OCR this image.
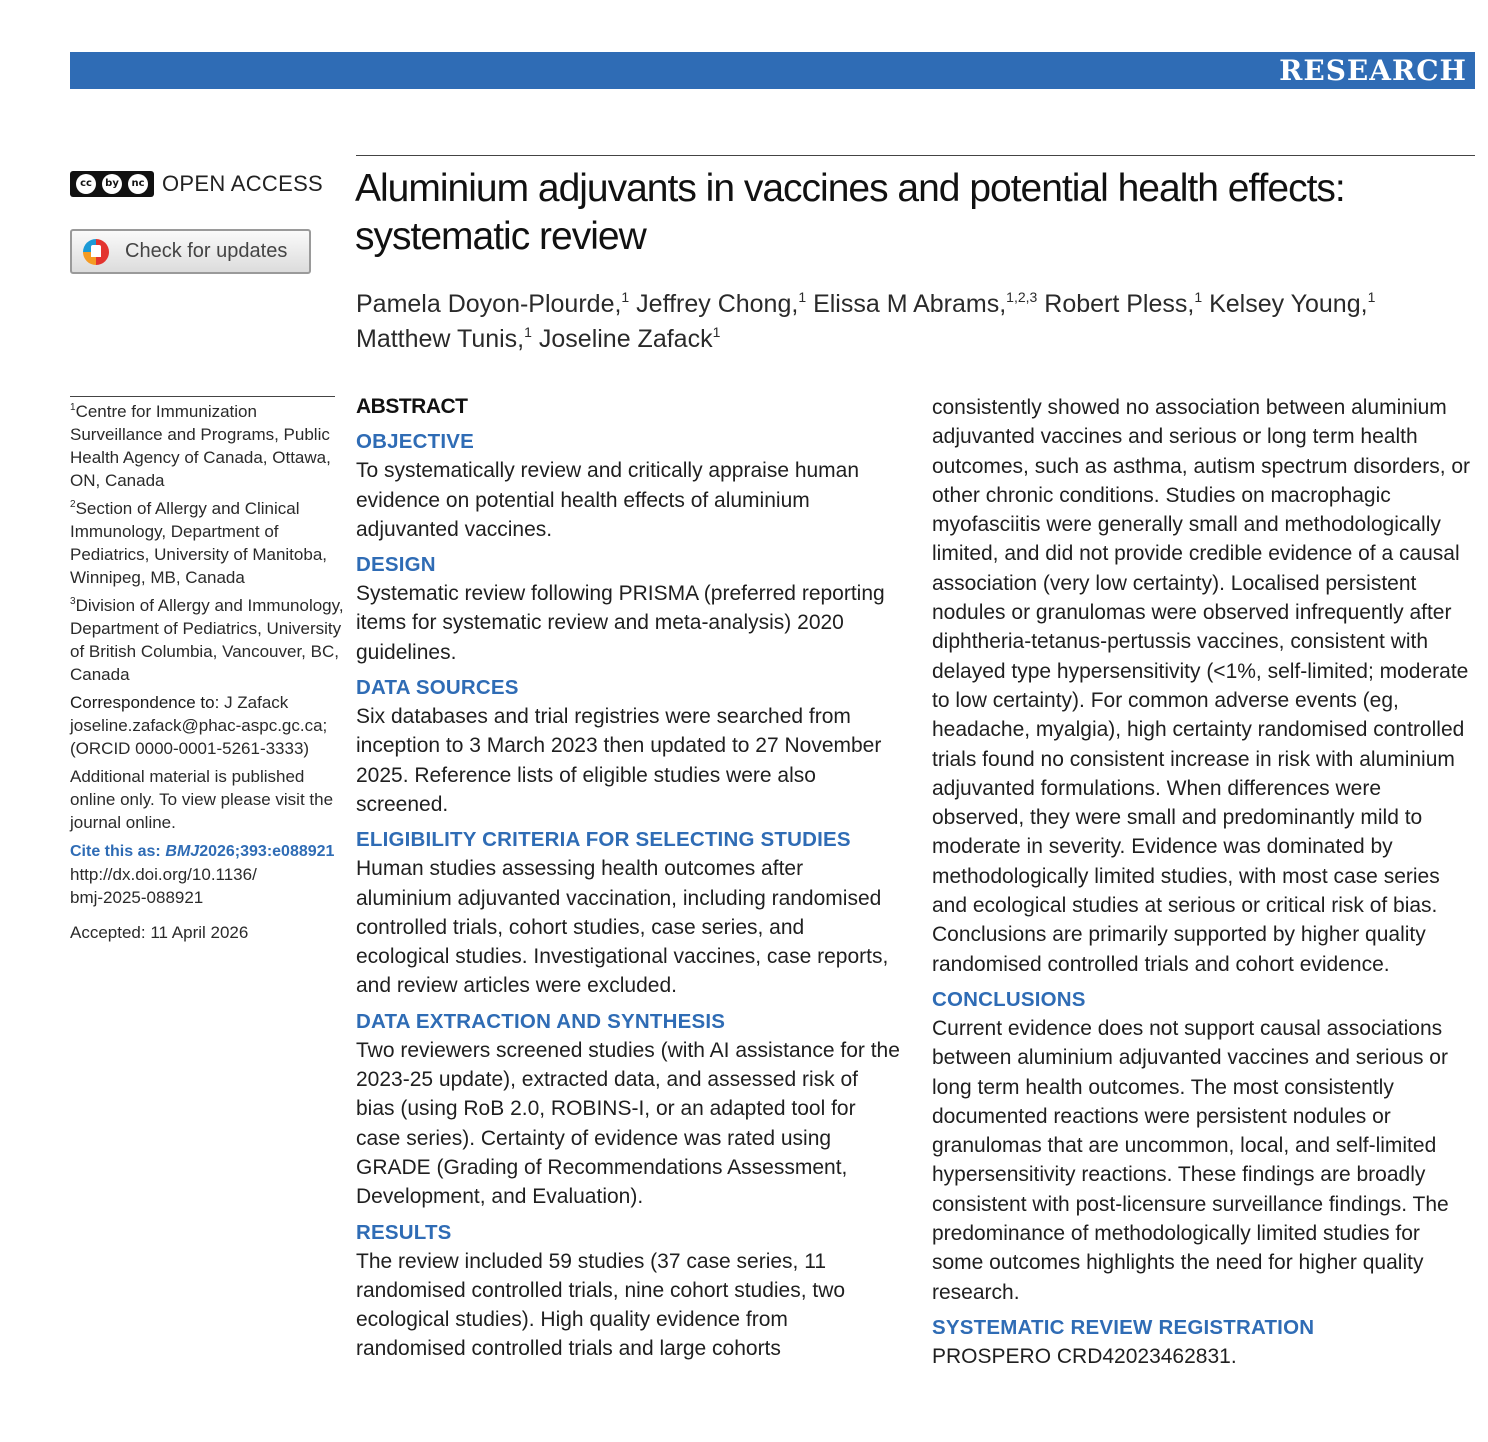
RESEARCH
cc	by	nc OPEN ACCESS
Check for updates
Aluminium adjuvants in vaccines and potential health effects: systematic review
Pamela Doyon-Plourde,$^1$ Jeffrey Chong,$^1$ Elissa M Abrams,$^{1,2,3}$ Robert Pless,$^1$ Kelsey Young,$^1$
Matthew Tunis,$^1$ Joseline Zafack$^1$

$^1$Centre for Immunization Surveillance and Programs, Public Health Agency of Canada, Ottawa, ON, Canada

$^2$Section of Allergy and Clinical Immunology, Department of Pediatrics, University of Manitoba, Winnipeg, MB, Canada

$^3$Division of Allergy and Immunology, Department of Pediatrics, University of British Columbia, Vancouver, BC, Canada

Correspondence to: J Zafack
joseline.zafack@phac-aspc.gc.ca;
(ORCID 0000-0001-5261-3333)

Additional material is published online only. To view please visit the journal online.

Cite this as: BMJ2026;393:e088921
http://dx.doi.org/10.1136/
bmj-2025-088921

Accepted: 11 April 2026

ABSTRACT
OBJECTIVE
To systematically review and critically appraise human evidence on potential health effects of aluminium adjuvanted vaccines.
DESIGN
Systematic review following PRISMA (preferred reporting items for systematic review and meta-analysis) 2020 guidelines.
DATA SOURCES
Six databases and trial registries were searched from inception to 3 March 2023 then updated to 27 November 2025. Reference lists of eligible studies were also screened.
ELIGIBILITY CRITERIA FOR SELECTING STUDIES
Human studies assessing health outcomes after aluminium adjuvanted vaccination, including randomised controlled trials, cohort studies, case series, and ecological studies. Investigational vaccines, case reports, and review articles were excluded.
DATA EXTRACTION AND SYNTHESIS
Two reviewers screened studies (with AI assistance for the 2023-25 update), extracted data, and assessed risk of bias (using RoB 2.0, ROBINS-I, or an adapted tool for case series). Certainty of evidence was rated using GRADE (Grading of Recommendations Assessment, Development, and Evaluation).
RESULTS
The review included 59 studies (37 case series, 11 randomised controlled trials, nine cohort studies, two ecological studies). High quality evidence from randomised controlled trials and large cohorts
consistently showed no association between aluminium adjuvanted vaccines and serious or long term health outcomes, such as asthma, autism spectrum disorders, or other chronic conditions. Studies on macrophagic myofasciitis were generally small and methodologically limited, and did not provide credible evidence of a causal association (very low certainty). Localised persistent nodules or granulomas were observed infrequently after diphtheria-tetanus-pertussis vaccines, consistent with delayed type hypersensitivity (<1%, self-limited; moderate to low certainty). For common adverse events (eg, headache, myalgia), high certainty randomised controlled trials found no consistent increase in risk with aluminium adjuvanted formulations. When differences were observed, they were small and predominantly mild to moderate in severity. Evidence was dominated by methodologically limited studies, with most case series and ecological studies at serious or critical risk of bias. Conclusions are primarily supported by higher quality randomised controlled trials and cohort evidence.
CONCLUSIONS
Current evidence does not support causal associations between aluminium adjuvanted vaccines and serious or long term health outcomes. The most consistently documented reactions were persistent nodules or granulomas that are uncommon, local, and self-limited hypersensitivity reactions. These findings are broadly consistent with post-licensure surveillance findings. The predominance of methodologically limited studies for some outcomes highlights the need for higher quality research.
SYSTEMATIC REVIEW REGISTRATION
PROSPERO CRD42023462831.
